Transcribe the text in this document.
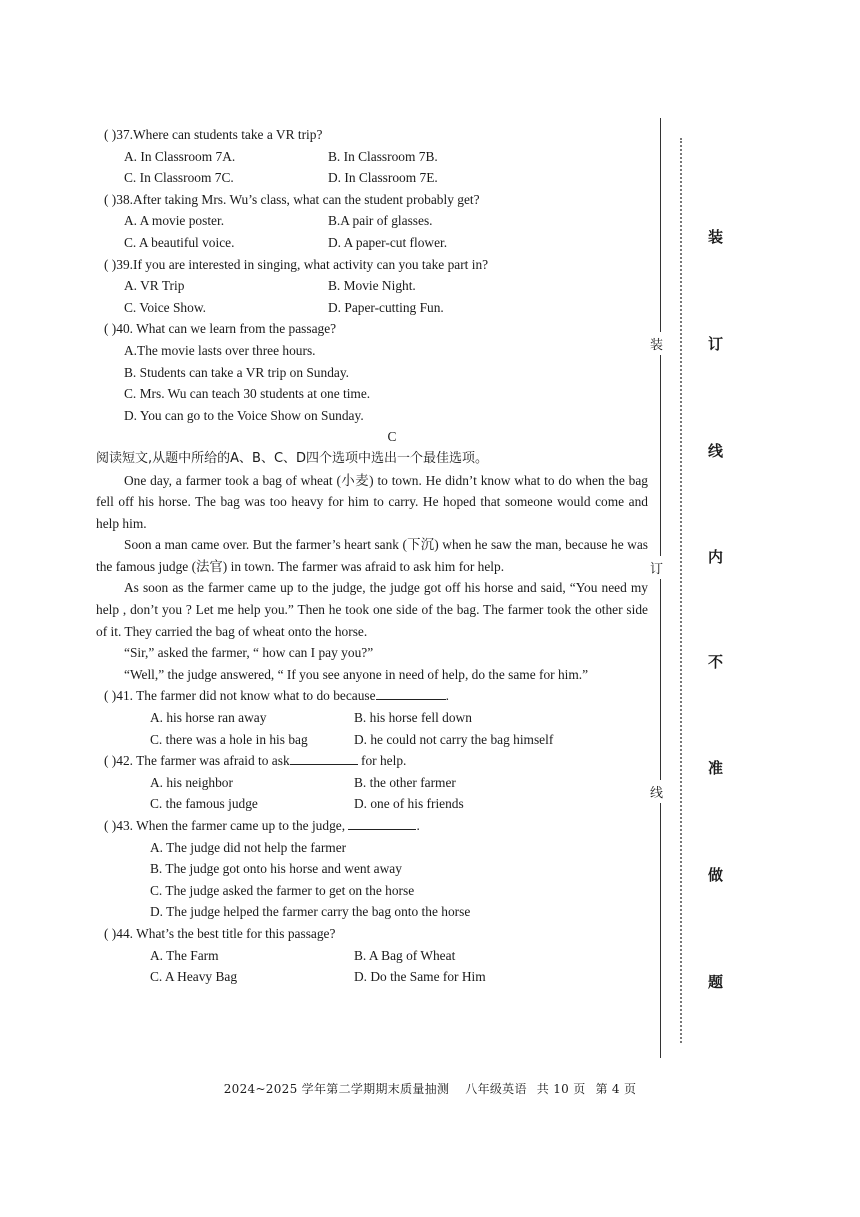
( )37.Where can students take a VR trip?
A. In Classroom 7A.	B. In Classroom 7B.
C. In Classroom 7C.	D. In Classroom 7E.
( )38.After taking Mrs. Wu’s class, what can the student probably get?
A. A movie poster.	B.A pair of glasses.
C. A beautiful voice.	D. A paper-cut flower.
( )39.If you are interested in singing, what activity can you take part in?
A. VR Trip	B. Movie Night.
C. Voice Show.	D. Paper-cutting Fun.
( )40. What can we learn from the passage?
A.The movie lasts over three hours.
B. Students can take a VR trip on Sunday.
C. Mrs. Wu can teach 30 students at one time.
D. You can go to the Voice Show on Sunday.
C
阅读短文,从题中所给的A、B、C、D四个选项中选出一个最佳选项。
One day, a farmer took a bag of wheat (小麦) to town. He didn’t know what to do when the bag fell off his horse. The bag was too heavy for him to carry. He hoped that someone would come and help him.
Soon a man came over. But the farmer’s heart sank (下沉) when he saw the man, because he was the famous judge (法官) in town. The farmer was afraid to ask him for help.
As soon as the farmer came up to the judge, the judge got off his horse and said, “You need my help , don’t you ? Let me help you.” Then he took one side of the bag. The farmer took the other side of it. They carried the bag of wheat onto the horse.
“Sir,” asked the farmer, “ how can I pay you?”
“Well,” the judge answered, “ If you see anyone in need of help, do the same for him.”
( )41. The farmer did not know what to do because	.
A. his horse ran away	B. his horse fell down
C. there was a hole in his bag	D. he could not carry the bag himself
( )42. The farmer was afraid to ask	for help.
A. his neighbor	B. the other farmer
C. the famous judge	D. one of his friends
( )43. When the farmer came up to the judge,	.
A. The judge did not help the farmer
B. The judge got onto his horse and went away
C. The judge asked the farmer to get on the horse
D. The judge helped the farmer carry the bag onto the horse
( )44. What’s the best title for this passage?
A. The Farm	B. A Bag of Wheat
C. A Heavy Bag	D. Do the Same for Him
装
订
线
装
订
线
内
不
准
做
题
2024~2025 学年第二学期期末质量抽测 八年级英语 共 10 页 第 4 页
